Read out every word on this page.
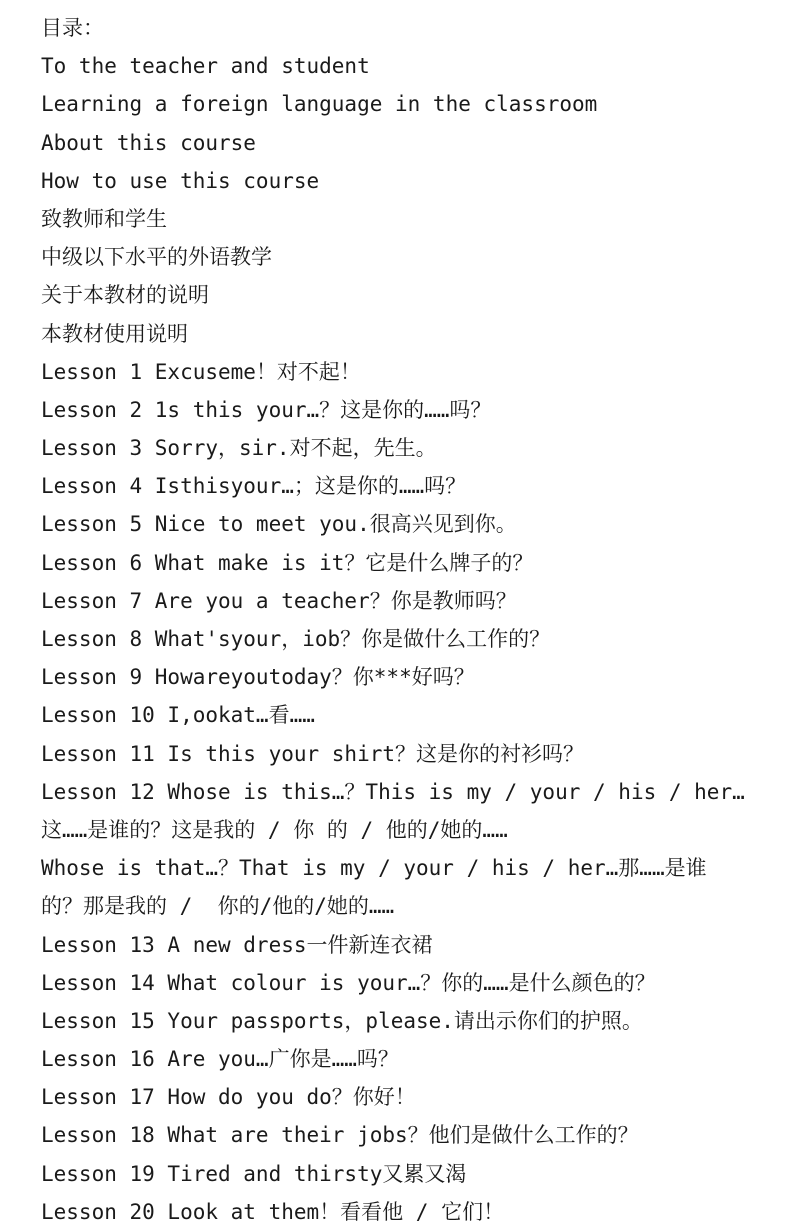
目录：
To the teacher and student
Learning a foreign language in the classroom
About this course
How to use this course
致教师和学生
中级以下水平的外语教学
关于本教材的说明
本教材使用说明
Lesson 1 Excuseme！对不起！
Lesson 2 1s this your…？这是你的……吗？
Lesson 3 Sorry，sir.对不起，先生。
Lesson 4 Isthisyour…；这是你的……吗？
Lesson 5 Nice to meet you.很高兴见到你。
Lesson 6 What make is it？它是什么牌子的？
Lesson 7 Are you a teacher？你是教师吗？
Lesson 8 What'syour，iob？你是做什么工作的？
Lesson 9 Howareyoutoday？你***好吗？
Lesson 10 I,ookat…看……
Lesson 11 Is this your shirt？这是你的衬衫吗？
Lesson 12 Whose is this…？This is my / your / his / her…
这……是谁的？这是我的 / 你 的 / 他的/她的……
Whose is that…？That is my / your / his / her…那……是谁
的？那是我的 /  你的/他的/她的……
Lesson 13 A new dress一件新连衣裙
Lesson 14 What colour is your…？你的……是什么颜色的？
Lesson 15 Your passports，please.请出示你们的护照。
Lesson 16 Are you…广你是……吗？
Lesson 17 How do you do？你好！
Lesson 18 What are their jobs？他们是做什么工作的？
Lesson 19 Tired and thirsty又累又渴
Lesson 20 Look at them！看看他 / 它们！
